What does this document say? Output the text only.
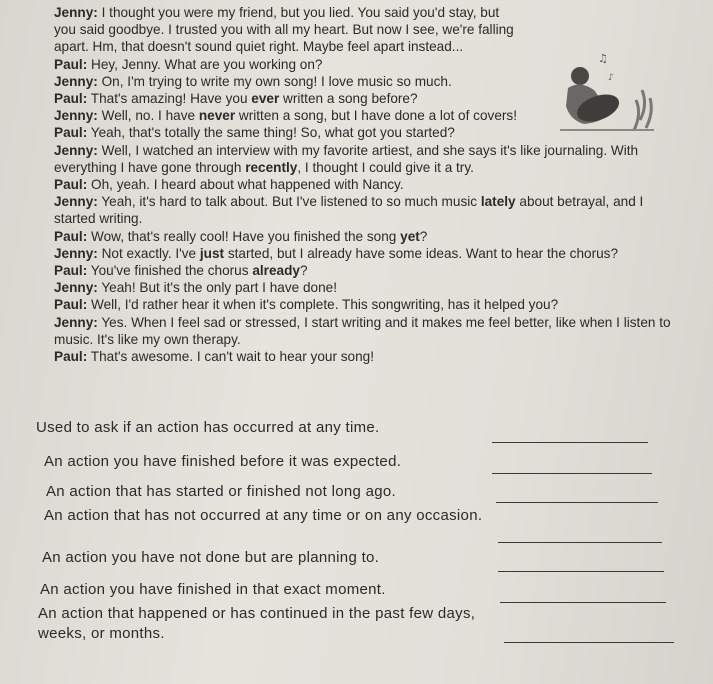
Jenny: I thought you were my friend, but you lied. You said you'd stay, but you said goodbye. I trusted you with all my heart. But now I see, we're falling apart. Hm, that doesn't sound quiet right. Maybe feel apart instead...

Paul: Hey, Jenny. What are you working on?

Jenny: On, I'm trying to write my own song! I love music so much.

Paul: That's amazing! Have you ever written a song before?

Jenny: Well, no. I have never written a song, but I have done a lot of covers!

Paul: Yeah, that's totally the same thing! So, what got you started?

Jenny: Well, I watched an interview with my favorite artiest, and she says it's like journaling. With everything I have gone through recently, I thought I could give it a try.

Paul: Oh, yeah. I heard about what happened with Nancy.

Jenny: Yeah, it's hard to talk about. But I've listened to so much music lately about betrayal, and I started writing.

Paul: Wow, that's really cool! Have you finished the song yet?

Jenny: Not exactly. I've just started, but I already have some ideas. Want to hear the chorus?

Paul: You've finished the chorus already?

Jenny: Yeah! But it's the only part I have done!

Paul: Well, I'd rather hear it when it's complete. This songwriting, has it helped you?

Jenny: Yes. When I feel sad or stressed, I start writing and it makes me feel better, like when I listen to music. It's like my own therapy.

Paul: That's awesome. I can't wait to hear your song!

♫
♪
Used to ask if an action has occurred at any time.
An action you have finished before it was expected.
An action that has started or finished not long ago.
An action that has not occurred at any time or on any occasion.
An action you have not done but are planning to.
An action you have finished in that exact moment.
An action that happened or has continued in the past few days, weeks, or months.
